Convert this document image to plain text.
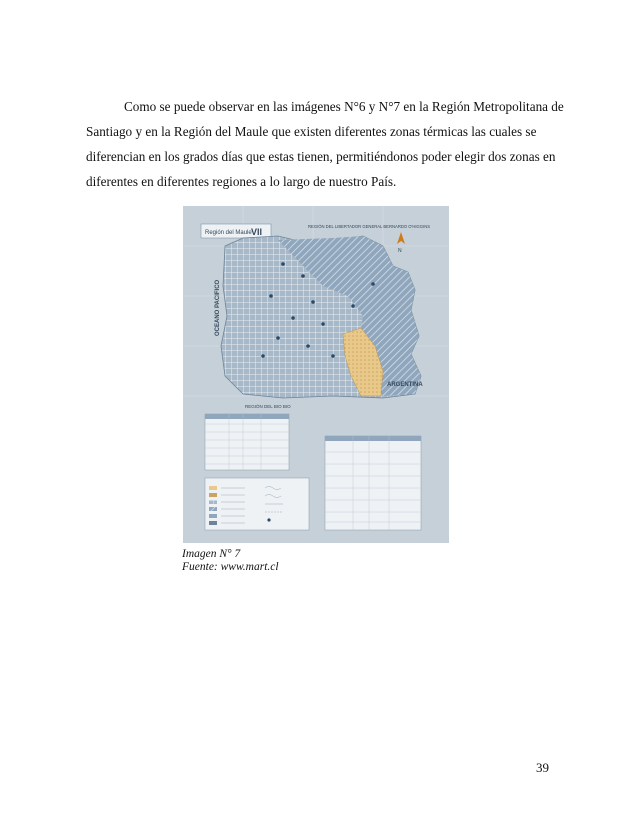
Como se puede observar en las imágenes N°6 y N°7 en la Región Metropolitana de
Santiago y en la Región del Maule que existen diferentes zonas térmicas las cuales se
diferencian en los grados días que estas tienen, permitiéndonos poder elegir dos zonas en
diferentes en diferentes regiones a lo largo de nuestro País.
Región del Maule VII
REGIÓN DEL LIBERTADOR GENERAL BERNARDO O'HIGGINS
N
OCEANO PACIFICO
REGIÓN DEL BIO BIO
ARGENTINA
Imagen N° 7
Fuente: www.mart.cl
39
